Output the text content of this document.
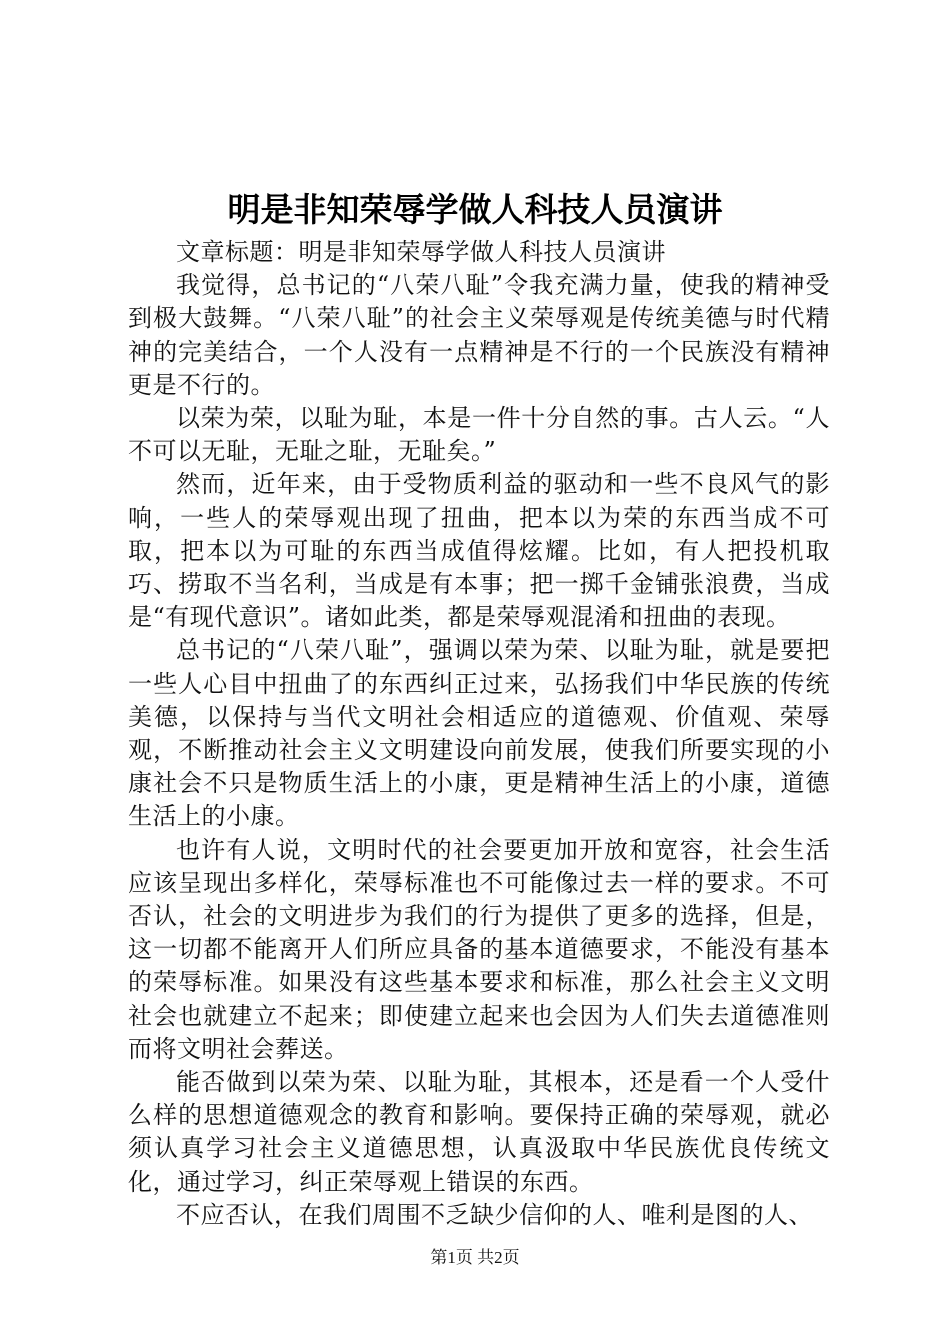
明是非知荣辱学做人科技人员演讲

文章标题：明是非知荣辱学做人科技人员演讲

我觉得，总书记的“八荣八耻”令我充满力量，使我的精神受到极大鼓舞。“八荣八耻”的社会主义荣辱观是传统美德与时代精神的完美结合，一个人没有一点精神是不行的一个民族没有精神更是不行的。

以荣为荣，以耻为耻，本是一件十分自然的事。古人云。“人不可以无耻，无耻之耻，无耻矣。”

然而，近年来，由于受物质利益的驱动和一些不良风气的影响，一些人的荣辱观出现了扭曲，把本以为荣的东西当成不可取，把本以为可耻的东西当成值得炫耀。比如，有人把投机取巧、捞取不当名利，当成是有本事；把一掷千金铺张浪费，当成是“有现代意识”。诸如此类，都是荣辱观混淆和扭曲的表现。

总书记的“八荣八耻”，强调以荣为荣、以耻为耻，就是要把一些人心目中扭曲了的东西纠正过来，弘扬我们中华民族的传统美德，以保持与当代文明社会相适应的道德观、价值观、荣辱观，不断推动社会主义文明建设向前发展，使我们所要实现的小康社会不只是物质生活上的小康，更是精神生活上的小康，道德生活上的小康。

也许有人说，文明时代的社会要更加开放和宽容，社会生活应该呈现出多样化，荣辱标准也不可能像过去一样的要求。不可否认，社会的文明进步为我们的行为提供了更多的选择，但是，这一切都不能离开人们所应具备的基本道德要求，不能没有基本的荣辱标准。如果没有这些基本要求和标准，那么社会主义文明社会也就建立不起来；即使建立起来也会因为人们失去道德准则而将文明社会葬送。

能否做到以荣为荣、以耻为耻，其根本，还是看一个人受什么样的思想道德观念的教育和影响。要保持正确的荣辱观，就必须认真学习社会主义道德思想，认真汲取中华民族优良传统文化，通过学习，纠正荣辱观上错误的东西。

不应否认，在我们周围不乏缺少信仰的人、唯利是图的人、

第1页 共2页
